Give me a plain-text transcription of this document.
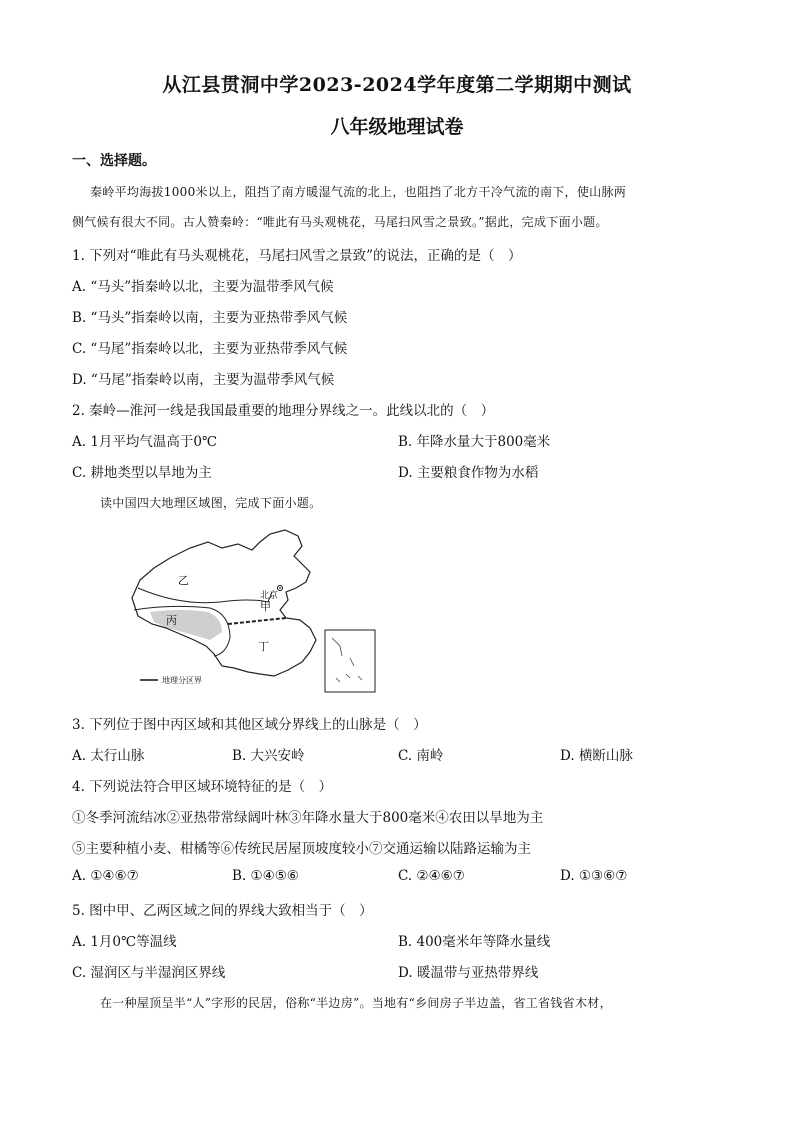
从江县贯洞中学2023-2024学年度第二学期期中测试
八年级地理试卷
一、选择题。
秦岭平均海拔1000米以上，阻挡了南方暖湿气流的北上，也阻挡了北方干冷气流的南下，使山脉两
侧气候有很大不同。古人赞秦岭：“唯此有马头观桃花，马尾扫风雪之景致。”据此，完成下面小题。
1. 下列对“唯此有马头观桃花，马尾扫风雪之景致”的说法，正确的是（　）
A. “马头”指秦岭以北，主要为温带季风气候
B. “马头”指秦岭以南，主要为亚热带季风气候
C. “马尾”指秦岭以北，主要为亚热带季风气候
D. “马尾”指秦岭以南，主要为温带季风气候
2. 秦岭—淮河一线是我国最重要的地理分界线之一。此线以北的（　）
A. 1月平均气温高于0℃	B. 年降水量大于800毫米
C. 耕地类型以旱地为主	D. 主要粮食作物为水稻
读中国四大地理区域图，完成下面小题。
乙
丙
北京
甲
丁
地理分区界
3. 下列位于图中丙区域和其他区域分界线上的山脉是（　）
A. 太行山脉	B. 大兴安岭	C. 南岭	D. 横断山脉
4. 下列说法符合甲区域环境特征的是（　）
①冬季河流结冰②亚热带常绿阔叶林③年降水量大于800毫米④农田以旱地为主
⑤主要种植小麦、柑橘等⑥传统民居屋顶坡度较小⑦交通运输以陆路运输为主
A. ①④⑥⑦	B. ①④⑤⑥	C. ②④⑥⑦	D. ①③⑥⑦
5. 图中甲、乙两区域之间的界线大致相当于（　）
A. 1月0℃等温线	B. 400毫米年等降水量线
C. 湿润区与半湿润区界线	D. 暖温带与亚热带界线
在一种屋顶呈半“人”字形的民居，俗称“半边房”。当地有“乡间房子半边盖，省工省钱省木材，
